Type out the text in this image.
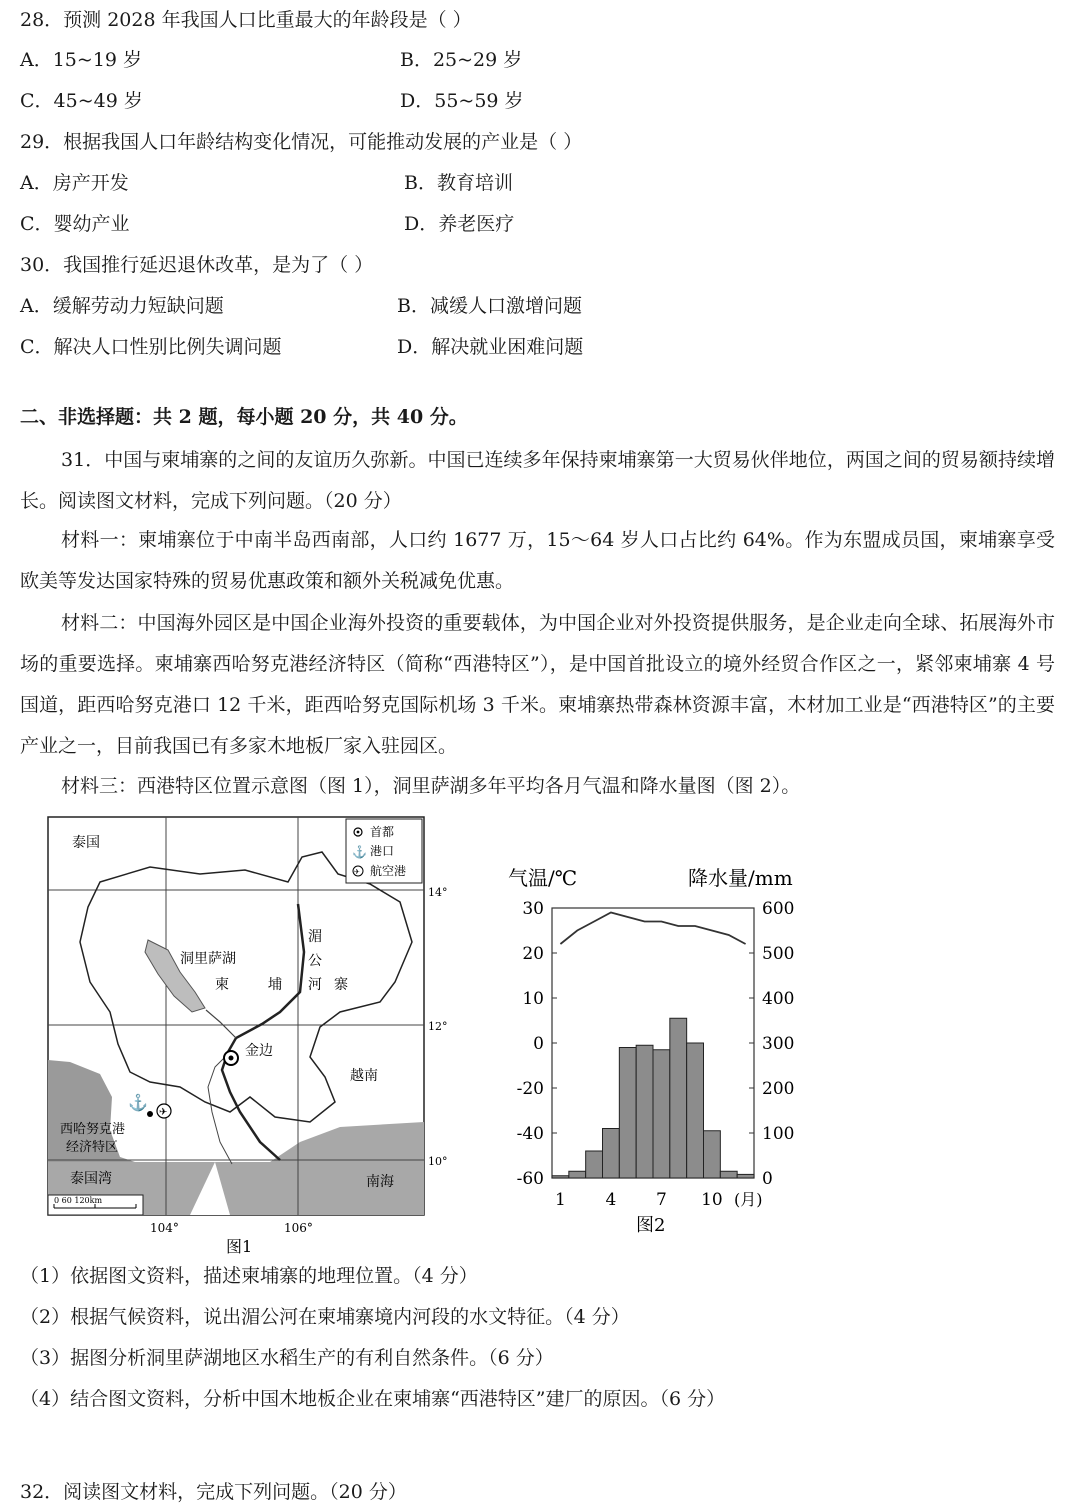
28．预测 2028 年我国人口比重最大的年龄段是（ ）
A．15~19 岁	B．25~29 岁
C．45~49 岁	D．55~59 岁
29．根据我国人口年龄结构变化情况，可能推动发展的产业是（ ）
A．房产开发	B．教育培训
C．婴幼产业	D．养老医疗
30．我国推行延迟退休改革，是为了（ ）
A．缓解劳动力短缺问题	B．减缓人口激增问题
C．解决人口性别比例失调问题	D．解决就业困难问题
二、非选择题：共 2 题，每小题 20 分，共 40 分。
31．中国与柬埔寨的之间的友谊历久弥新。中国已连续多年保持柬埔寨第一大贸易伙伴地位，两国之间的贸易额持续增长。阅读图文材料，完成下列问题。（20 分）
材料一：柬埔寨位于中南半岛西南部，人口约 1677 万，15～64 岁人口占比约 64%。作为东盟成员国，柬埔寨享受欧美等发达国家特殊的贸易优惠政策和额外关税减免优惠。
材料二：中国海外园区是中国企业海外投资的重要载体，为中国企业对外投资提供服务，是企业走向全球、拓展海外市场的重要选择。柬埔寨西哈努克港经济特区（简称“西港特区”），是中国首批设立的境外经贸合作区之一，紧邻柬埔寨 4 号国道，距西哈努克港口 12 千米，距西哈努克国际机场 3 千米。柬埔寨热带森林资源丰富，木材加工业是“西港特区”的主要产业之一，目前我国已有多家木地板厂家入驻园区。
材料三：西港特区位置示意图（图 1），洞里萨湖多年平均各月气温和降水量图（图 2）。
⚓
✈
⚓
✈
首都
港口
航空港
泰国
洞里萨湖
柬	埔
湄
公
河 寨
金边
越南
西哈努克港
经济特区
泰国湾	南海
14°
12°
10°
104°	106°
0 60 120km
图1
气温/℃	降水量/mm
30
20
10
0
-20
-40
-60
600
500
400
300
200
100
0
1 4 7 10 (月)
图2
（1）依据图文资料，描述柬埔寨的地理位置。（4 分）
（2）根据气候资料，说出湄公河在柬埔寨境内河段的水文特征。（4 分）
（3）据图分析洞里萨湖地区水稻生产的有利自然条件。（6 分）
（4）结合图文资料，分析中国木地板企业在柬埔寨“西港特区”建厂的原因。（6 分）
32．阅读图文材料，完成下列问题。（20 分）
